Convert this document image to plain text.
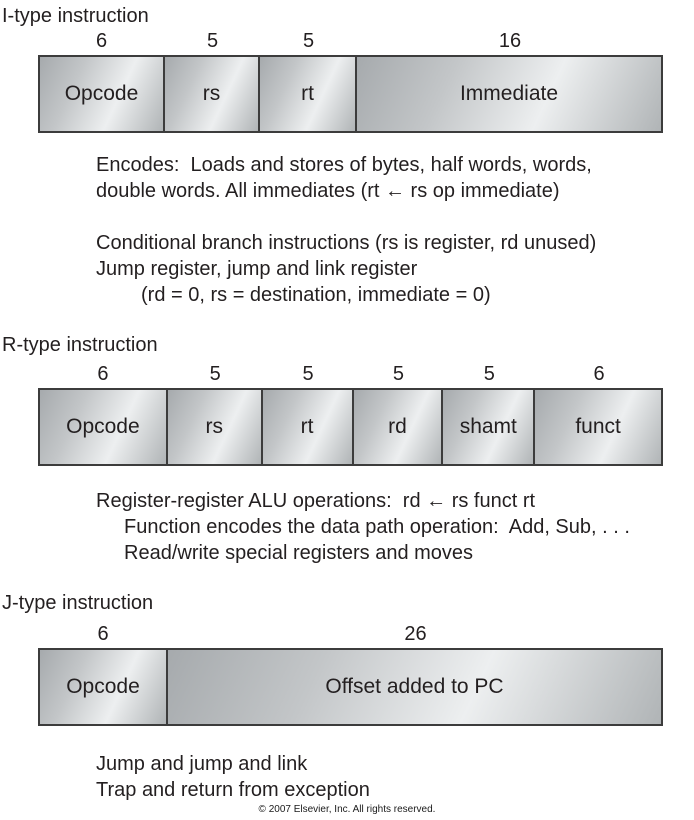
I-type instruction
6
Opcode
5
rs
5
rt
16
Immediate
Encodes:  Loads and stores of bytes, half words, words,
double words. All immediates (rt ← rs op immediate)
Conditional branch instructions (rs is register, rd unused)
Jump register, jump and link register
(rd = 0, rs = destination, immediate = 0)
R-type instruction
6
Opcode
5
rs
5
rt
5
rd
5
shamt
6
funct
Register-register ALU operations:  rd ← rs funct rt
Function encodes the data path operation:  Add, Sub, . . .
Read/write special registers and moves
J-type instruction
6
Opcode
26
Offset added to PC
Jump and jump and link
Trap and return from exception
© 2007 Elsevier, Inc. All rights reserved.
